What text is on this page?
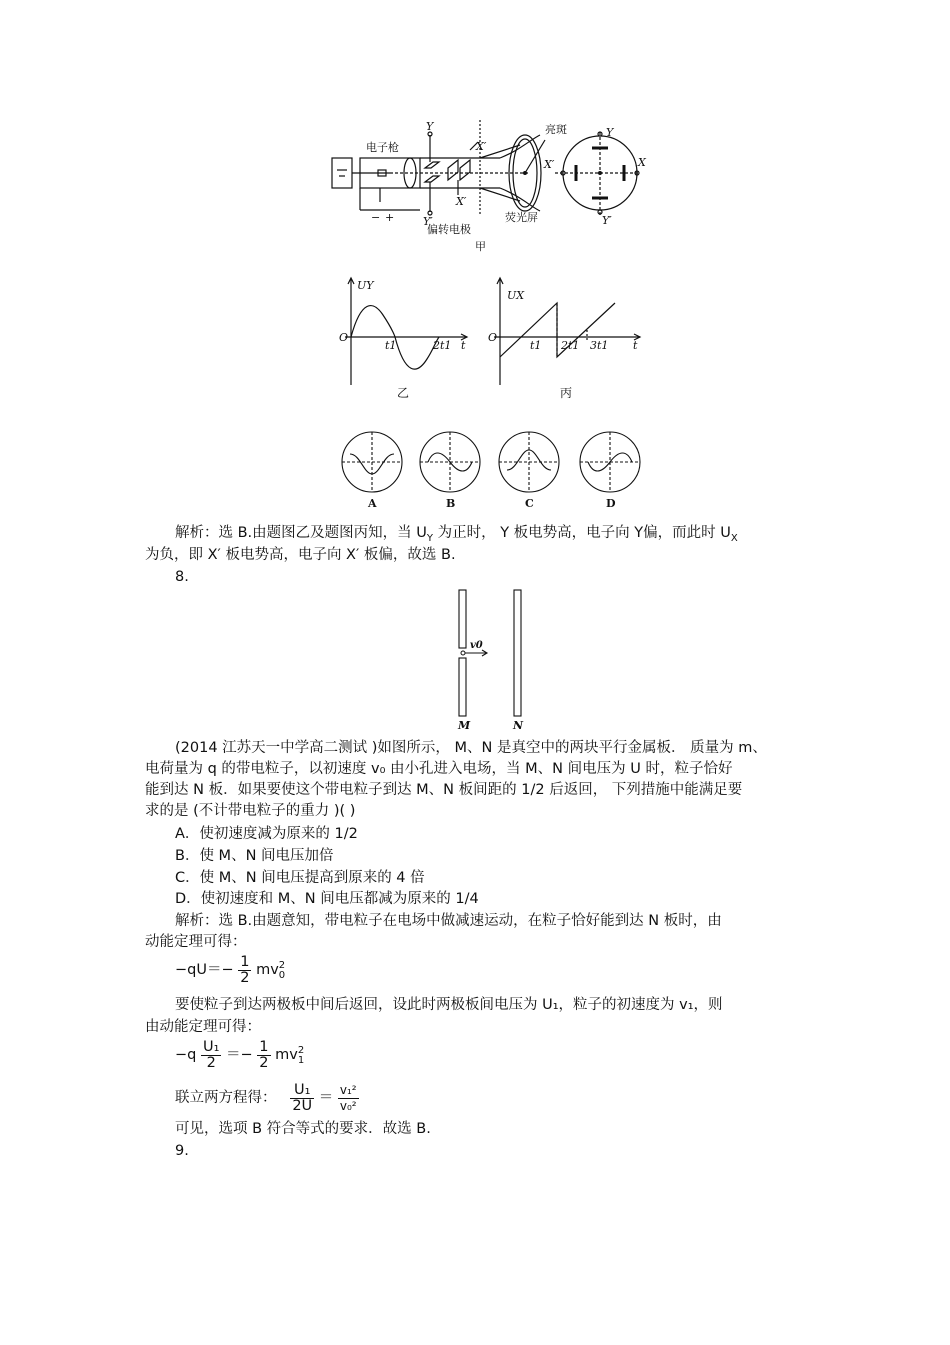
电子枪
亮斑
偏转电极
荧光屏
甲
Y
Y′
X′
X′
Y
Y′
X′	X
− +
UY
O
t1	2t1 t
UX
O
t1 2t1 3t1 t
乙	丙
A	B	C	D
解析：选 B.由题图乙及题图丙知，当 $U_Y$ 为正时， Y 板电势高，电子向 Y偏，而此时 $U_X$
为负，即 X′ 板电势高，电子向 X′ 板偏，故选 B.
8.
M	N
v0
(2014 江苏天一中学高二测试 )如图所示， M、N 是真空中的两块平行金属板． 质量为 m、
电荷量为 q 的带电粒子，以初速度 v₀ 由小孔进入电场，当 M、N 间电压为 U 时，粒子恰好
能到达 N 板．如果要使这个带电粒子到达 M、N 板间距的 1/2 后返回， 下列措施中能满足要
求的是 (不计带电粒子的重力 )( )
A．使初速度减为原来的 1/2
B．使 M、N 间电压加倍
C．使 M、N 间电压提高到原来的 4 倍
D．使初速度和 M、N 间电压都减为原来的 1/4
解析：选 B.由题意知，带电粒子在电场中做减速运动，在粒子恰好能到达 N 板时，由
动能定理可得：
$-qU=- \frac{1}{2}$ mv 2
0
要使粒子到达两极板中间后返回，设此时两极板间电压为 U₁，粒子的初速度为 v₁，则
由动能定理可得：
$-q \frac{\text{U₁}}{2} =- \frac{1}{2}$ mv 2
1
联立两方程得： $\frac{\text{U₁}}{2U} = \frac{\text{v₁²}}{\text{v₀²}}$
可见，选项 B 符合等式的要求．故选 B.
9.
